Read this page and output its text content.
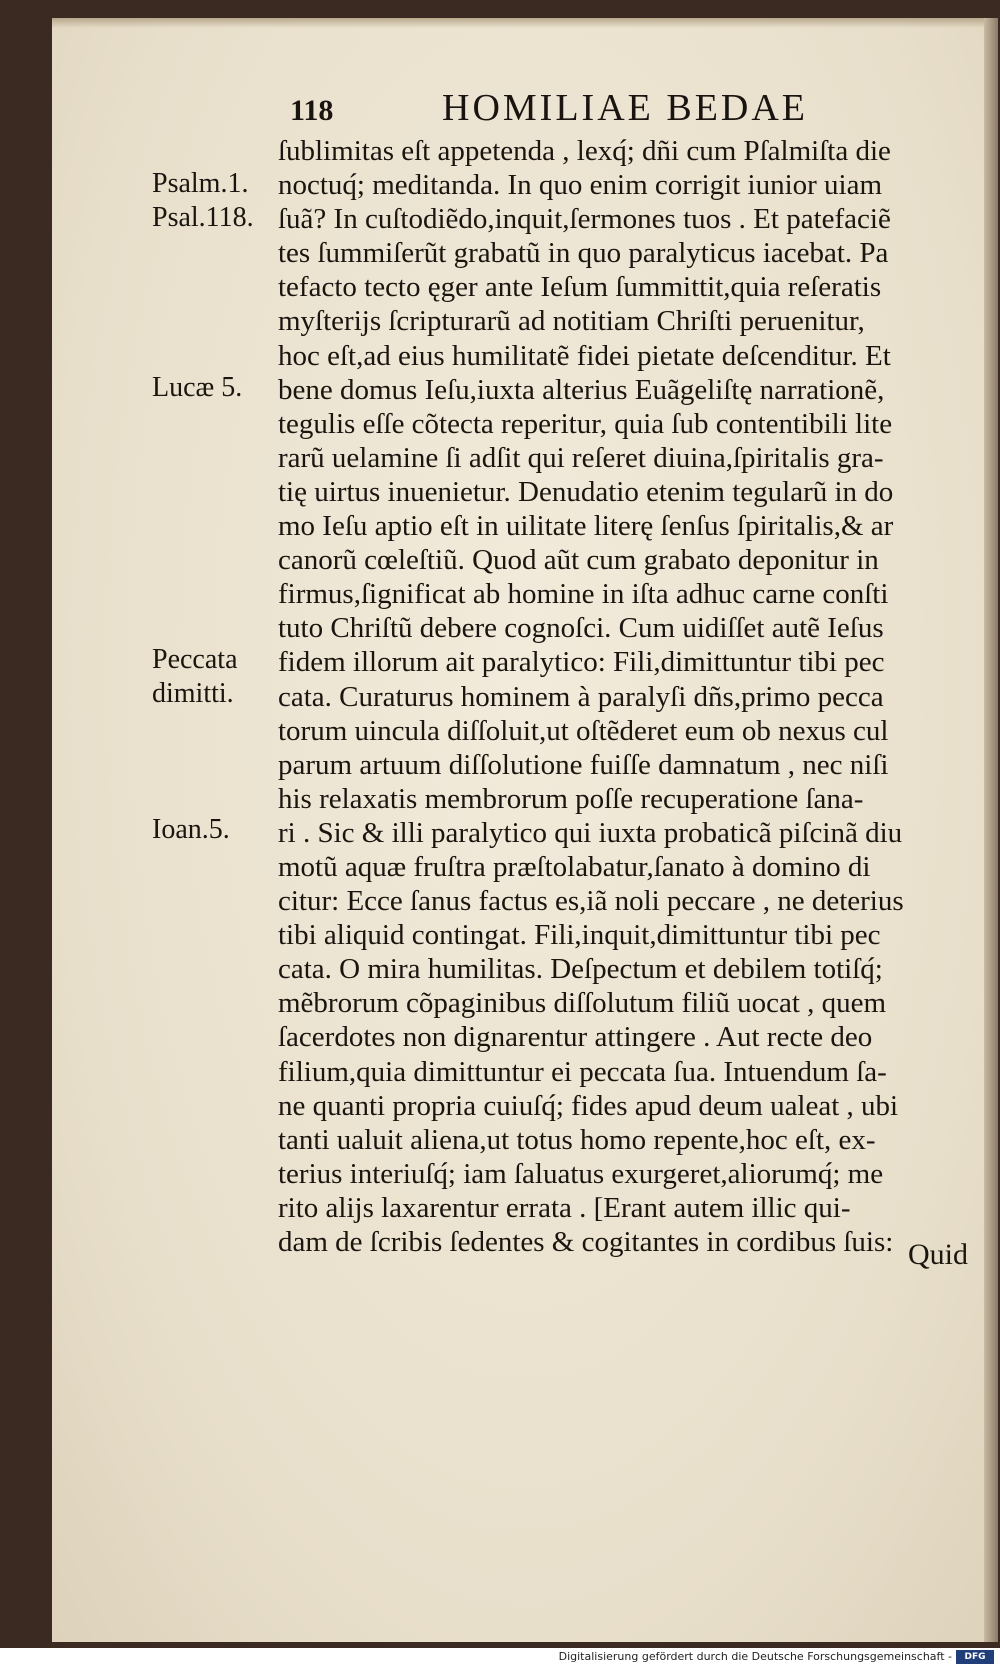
118	HOMILIAE BEDAE
Psalm.1.
Psal.118.
Lucæ 5.
Peccata
dimitti.
Ioan.5.
ſublimitas eſt appetenda , lexq́; dñi cum Pſalmiſta die
noctuq́; meditanda. In quo enim corrigit iunior uiam
ſuã? In cuſtodiẽdo,inquit,ſermones tuos . Et patefaciẽ
tes ſummiſerũt grabatũ in quo paralyticus iacebat. Pa
tefacto tecto ęger ante Ieſum ſummittit,quia reſeratis
myſterijs ſcripturarũ ad notitiam Chriſti peruenitur,
hoc eſt,ad eius humilitatẽ fidei pietate deſcenditur. Et
bene domus Ieſu,iuxta alterius Euãgeliſtę narrationẽ,
tegulis eſſe cõtecta reperitur, quia ſub contentibili lite
rarũ uelamine ſi adſit qui reſeret diuina,ſpiritalis gra-
tię uirtus inuenietur. Denudatio etenim tegularũ in do
mo Ieſu aptio eſt in uilitate literę ſenſus ſpiritalis,& ar
canorũ cœleſtiũ. Quod aũt cum grabato deponitur in
firmus,ſignificat ab homine in iſta adhuc carne conſti
tuto Chriſtũ debere cognoſci. Cum uidiſſet autẽ Ieſus
fidem illorum ait paralytico: Fili,dimittuntur tibi pec
cata. Curaturus hominem à paralyſi dñs,primo pecca
torum uincula diſſoluit,ut oſtẽderet eum ob nexus cul
parum artuum diſſolutione fuiſſe damnatum , nec niſi
his relaxatis membrorum poſſe recuperatione ſana-
ri . Sic & illi paralytico qui iuxta probaticã piſcinã diu
motũ aquæ fruſtra præſtolabatur,ſanato à domino di
citur: Ecce ſanus factus es,iã noli peccare , ne deterius
tibi aliquid contingat. Fili,inquit,dimittuntur tibi pec
cata. O mira humilitas. Deſpectum et debilem totiſq́;
mẽbrorum cõpaginibus diſſolutum filiũ uocat , quem
ſacerdotes non dignarentur attingere . Aut recte deo
filium,quia dimittuntur ei peccata ſua. Intuendum ſa-
ne quanti propria cuiuſq́; fides apud deum ualeat , ubi
tanti ualuit aliena,ut totus homo repente,hoc eſt, ex-
terius interiuſq́; iam ſaluatus exurgeret,aliorumq́; me
rito alijs laxarentur errata . [Erant autem illic qui-
dam de ſcribis ſedentes & cogitantes in cordibus ſuis: Quid
Digitalisierung gefördert durch die Deutsche Forschungsgemeinschaft -	DFG
